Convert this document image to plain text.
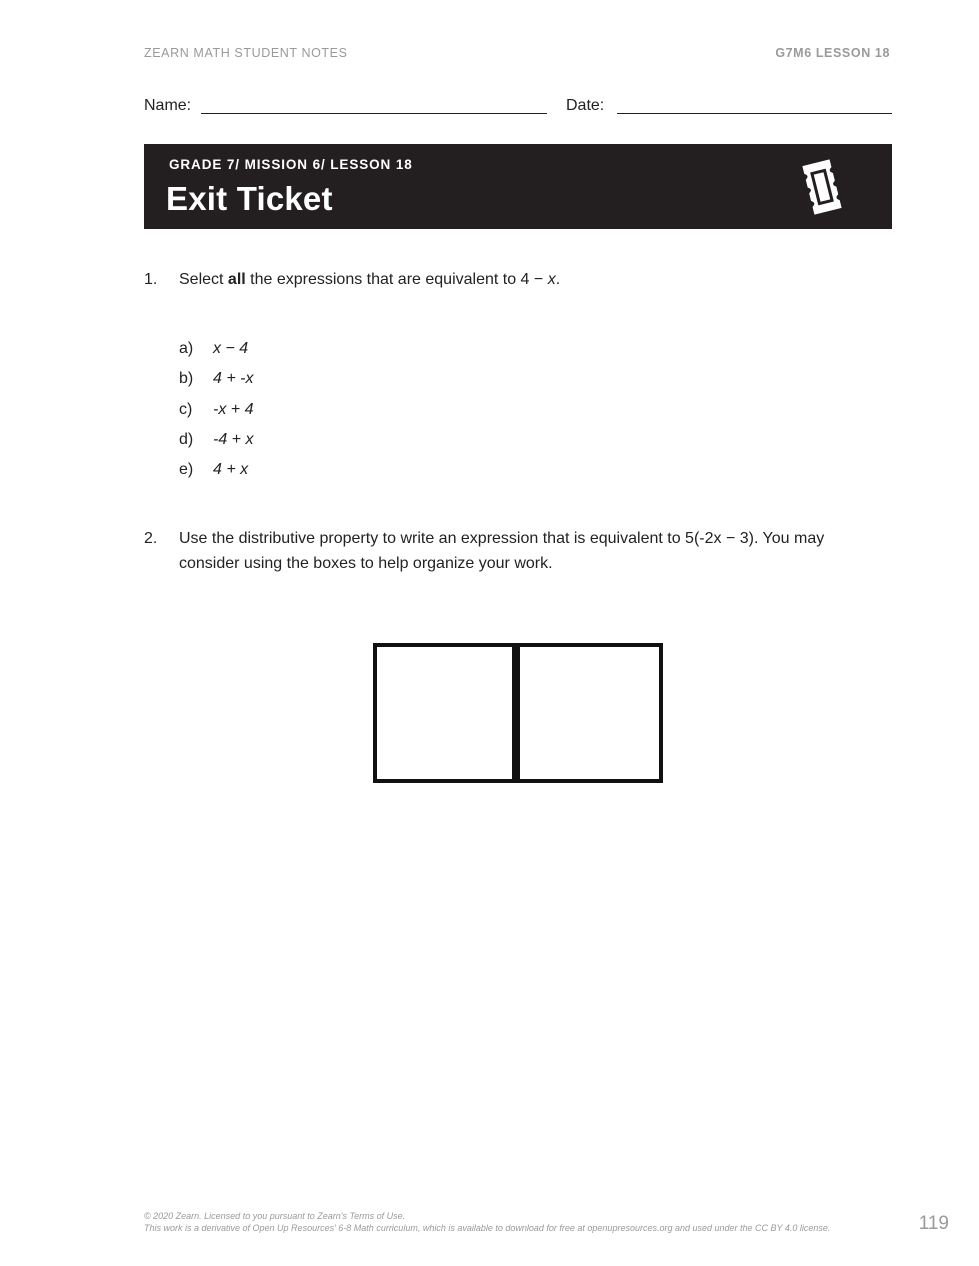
ZEARN MATH STUDENT NOTES	G7M6 LESSON 18
Name:	Date:
GRADE 7/ MISSION 6/ LESSON 18
Exit Ticket
1. Select all the expressions that are equivalent to 4 − x.
a) x − 4
b) 4 + -x
c) -x + 4
d) -4 + x
e) 4 + x
2. Use the distributive property to write an expression that is equivalent to 5(-2x − 3). You may
consider using the boxes to help organize your work.
© 2020 Zearn. Licensed to you pursuant to Zearn's Terms of Use.
This work is a derivative of Open Up Resources' 6-8 Math curriculum, which is available to download for free at openupresources.org and used under the CC BY 4.0 license.	119
